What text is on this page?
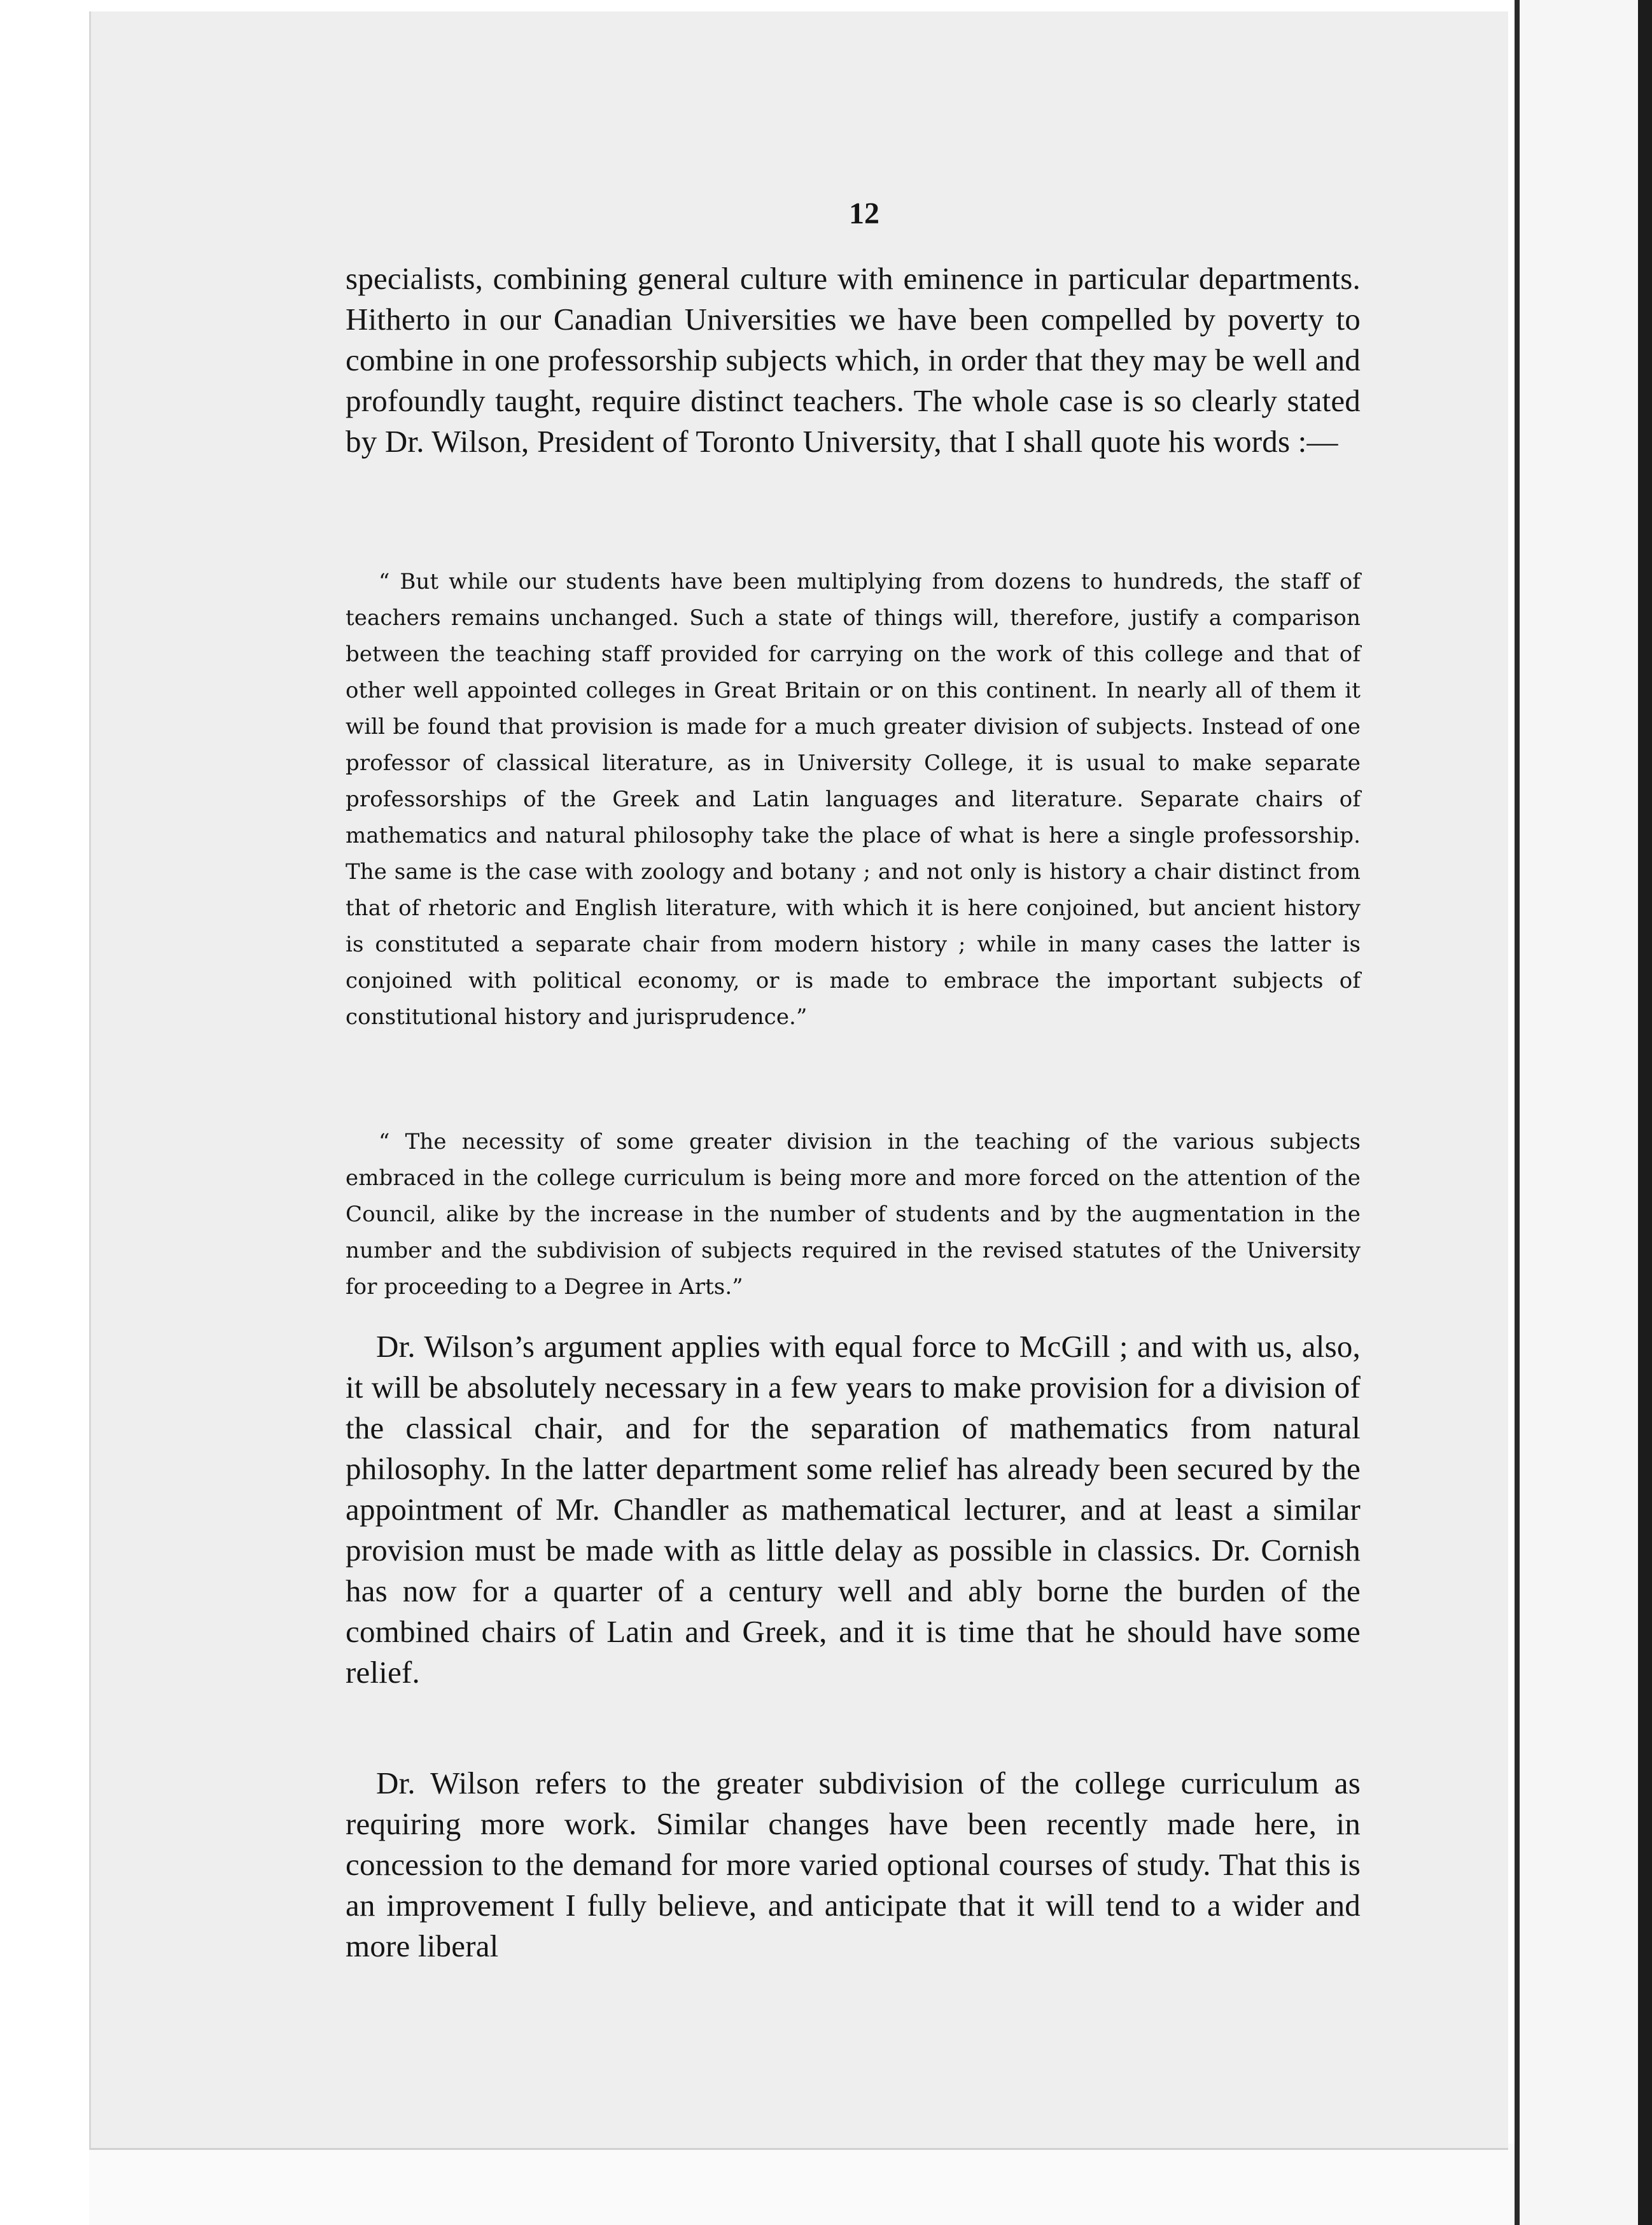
12

specialists, combining general culture with eminence in particular departments. Hitherto in our Canadian Universities we have been compelled by poverty to combine in one professorship subjects which, in order that they may be well and profoundly taught, require distinct teachers. The whole case is so clearly stated by Dr. Wilson, President of Toronto University, that I shall quote his words :—

“ But while our students have been multiplying from dozens to hundreds, the staff of teachers remains unchanged. Such a state of things will, therefore, justify a comparison between the teaching staff provided for carrying on the work of this college and that of other well appointed colleges in Great Britain or on this continent. In nearly all of them it will be found that provision is made for a much greater division of subjects. Instead of one professor of classical literature, as in University College, it is usual to make separate professorships of the Greek and Latin languages and literature. Separate chairs of mathematics and natural philosophy take the place of what is here a single professorship. The same is the case with zoology and botany ; and not only is history a chair distinct from that of rhetoric and English literature, with which it is here conjoined, but ancient history is constituted a separate chair from modern history ; while in many cases the latter is conjoined with political economy, or is made to embrace the important subjects of constitutional history and jurisprudence.”

“ The necessity of some greater division in the teaching of the various subjects embraced in the college curriculum is being more and more forced on the attention of the Council, alike by the increase in the number of students and by the augmentation in the number and the subdivision of subjects required in the revised statutes of the University for proceeding to a Degree in Arts.”

Dr. Wilson’s argument applies with equal force to McGill ; and with us, also, it will be absolutely necessary in a few years to make provision for a division of the classical chair, and for the separation of mathematics from natural philosophy. In the latter department some relief has already been secured by the appointment of Mr. Chandler as mathematical lecturer, and at least a similar provision must be made with as little delay as possible in classics. Dr. Cornish has now for a quarter of a century well and ably borne the burden of the combined chairs of Latin and Greek, and it is time that he should have some relief.

Dr. Wilson refers to the greater subdivision of the college curriculum as requiring more work. Similar changes have been recently made here, in concession to the demand for more varied optional courses of study. That this is an improvement I fully believe, and anticipate that it will tend to a wider and more liberal
